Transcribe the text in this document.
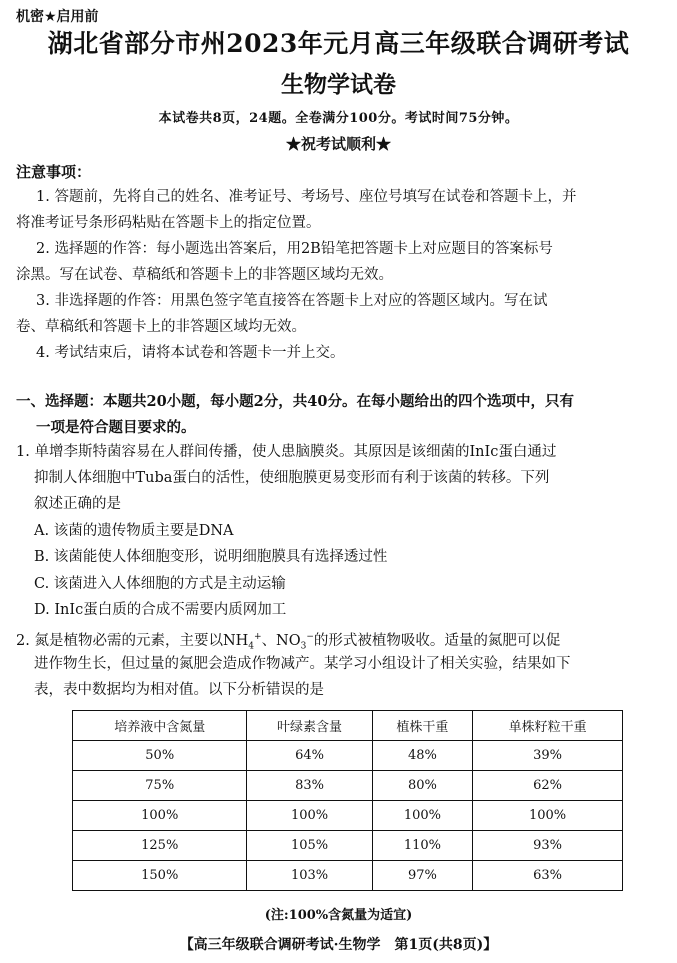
机密★启用前
湖北省部分市州2023年元月高三年级联合调研考试
生物学试卷
本试卷共8页，24题。全卷满分100分。考试时间75分钟。
★祝考试顺利★
注意事项：
1. 答题前，先将自己的姓名、准考证号、考场号、座位号填写在试卷和答题卡上，并
将准考证号条形码粘贴在答题卡上的指定位置。
2. 选择题的作答：每小题选出答案后，用2B铅笔把答题卡上对应题目的答案标号
涂黑。写在试卷、草稿纸和答题卡上的非答题区域均无效。
3. 非选择题的作答：用黑色签字笔直接答在答题卡上对应的答题区域内。写在试
卷、草稿纸和答题卡上的非答题区域均无效。
4. 考试结束后，请将本试卷和答题卡一并上交。
一、选择题：本题共20小题，每小题2分，共40分。在每小题给出的四个选项中，只有
一项是符合题目要求的。
1. 单增李斯特菌容易在人群间传播，使人患脑膜炎。其原因是该细菌的InIc蛋白通过
抑制人体细胞中Tuba蛋白的活性，使细胞膜更易变形而有利于该菌的转移。下列
叙述正确的是
A. 该菌的遗传物质主要是DNA
B. 该菌能使人体细胞变形，说明细胞膜具有选择透过性
C. 该菌进入人体细胞的方式是主动运输
D. InIc蛋白质的合成不需要内质网加工
2. 氮是植物必需的元素，主要以$NH_4^+$、$NO_3^-$的形式被植物吸收。适量的氮肥可以促
进作物生长，但过量的氮肥会造成作物减产。某学习小组设计了相关实验，结果如下
表，表中数据均为相对值。以下分析错误的是
培养液中含氮量	叶绿素含量	植株干重	单株籽粒干重
50%	64%	48%	39%
75%	83%	80%	62%
100%	100%	100%	100%
125%	105%	110%	93%
150%	103%	97%	63%
(注:100%含氮量为适宜)
【高三年级联合调研考试·生物学　第1页(共8页)】
